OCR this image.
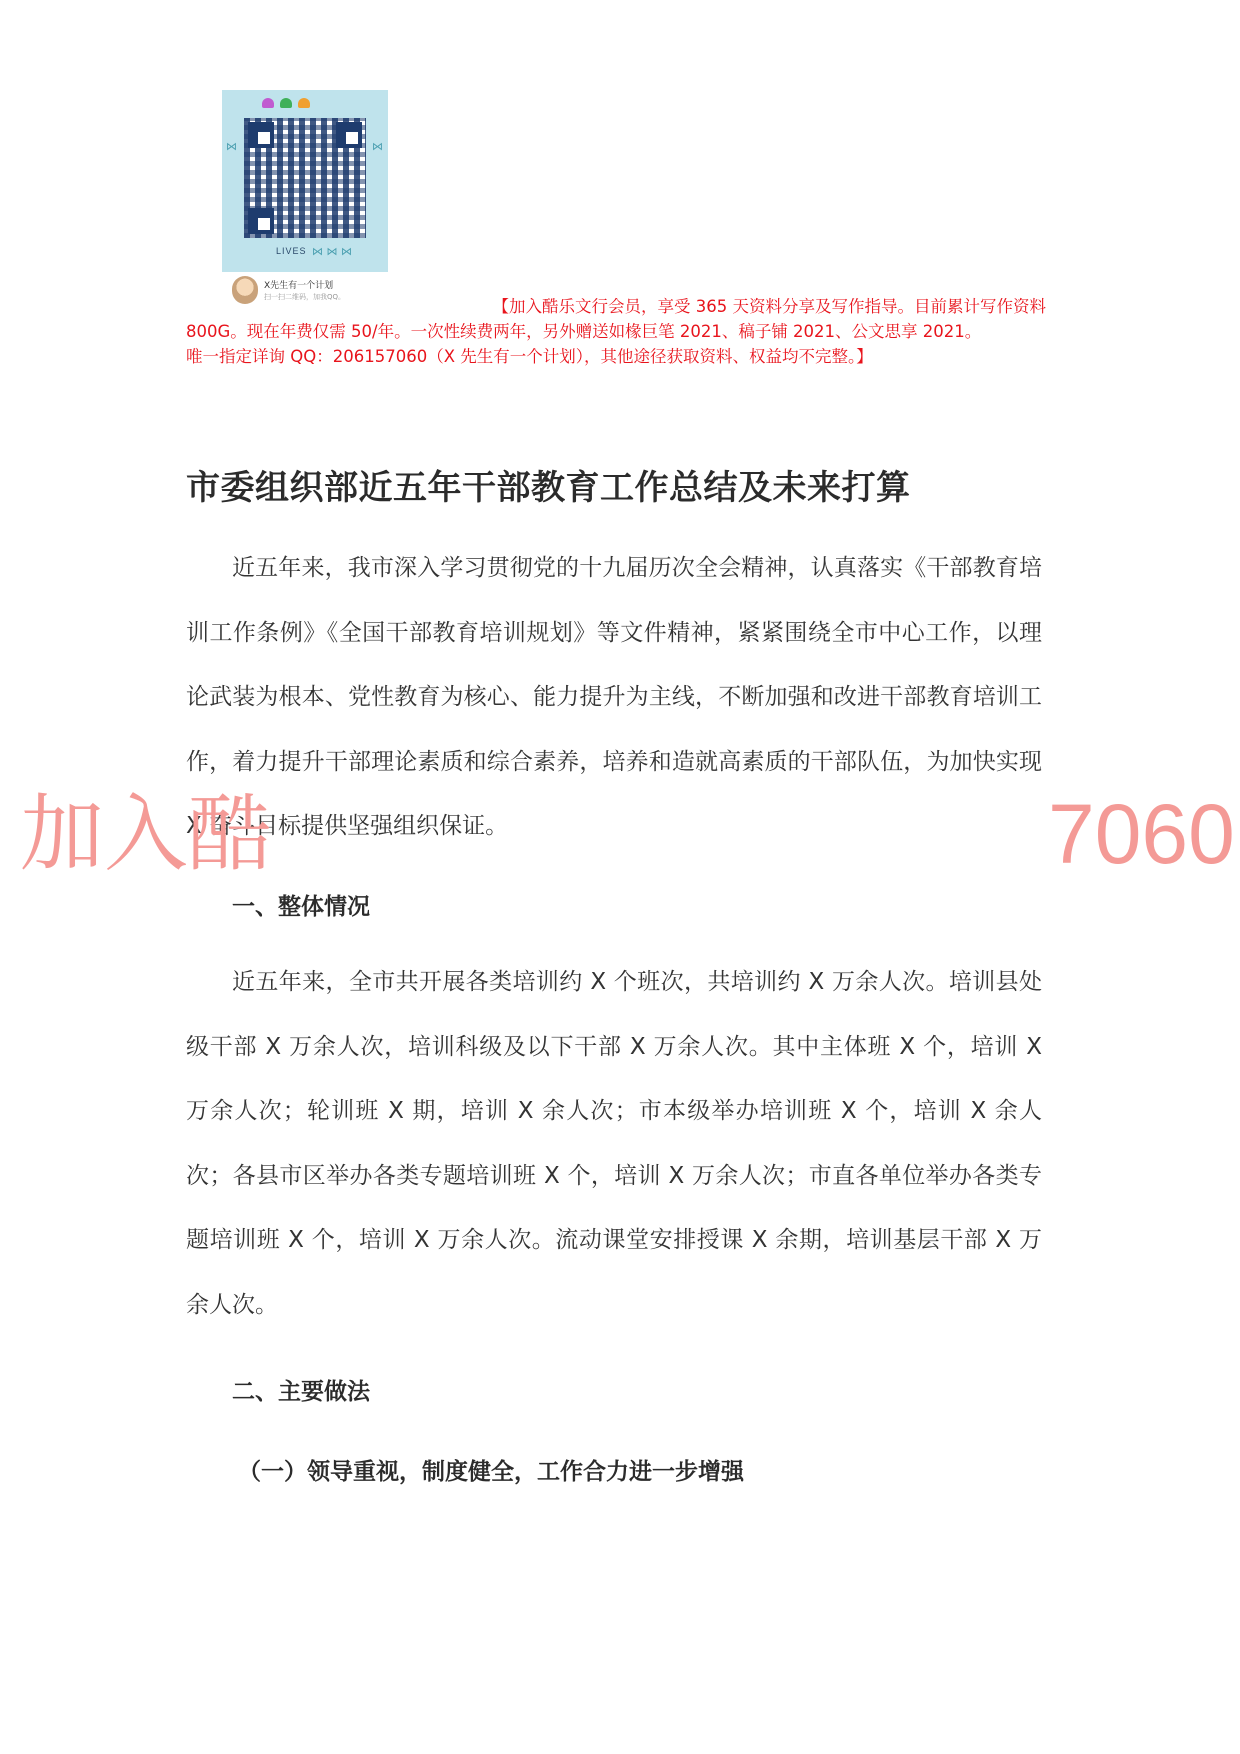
⋈	⋈
LIVES ⋈ ⋈ ⋈
X先生有一个计划
扫一扫二维码，加我QQ。	【加入酷乐文行会员，享受 365 天资料分享及写作指导。目前累计写作资料
800G。现在年费仅需 50/年。一次性续费两年，另外赠送如椽巨笔 2021、稿子铺 2021、公文思享 2021。
唯一指定详询 QQ：206157060（X 先生有一个计划），其他途径获取资料、权益均不完整。】
市委组织部近五年干部教育工作总结及未来打算

近五年来，我市深入学习贯彻党的十九届历次全会精神，认真落实《干部教育培训工作条例》《全国干部教育培训规划》等文件精神，紧紧围绕全市中心工作，以理论武装为根本、党性教育为核心、能力提升为主线，不断加强和改进干部教育培训工作，着力提升干部理论素质和综合素养，培养和造就高素质的干部队伍，为加快实现 X 奋斗目标提供坚强组织保证。

加入酷	7060
一、整体情况

近五年来，全市共开展各类培训约 X 个班次，共培训约 X 万余人次。培训县处级干部 X 万余人次，培训科级及以下干部 X 万余人次。其中主体班 X 个，培训 X 万余人次；轮训班 X 期，培训 X 余人次；市本级举办培训班 X 个，培训 X 余人次；各县市区举办各类专题培训班 X 个，培训 X 万余人次；市直各单位举办各类专题培训班 X 个，培训 X 万余人次。流动课堂安排授课 X 余期，培训基层干部 X 万余人次。

二、主要做法
（一）领导重视，制度健全，工作合力进一步增强
